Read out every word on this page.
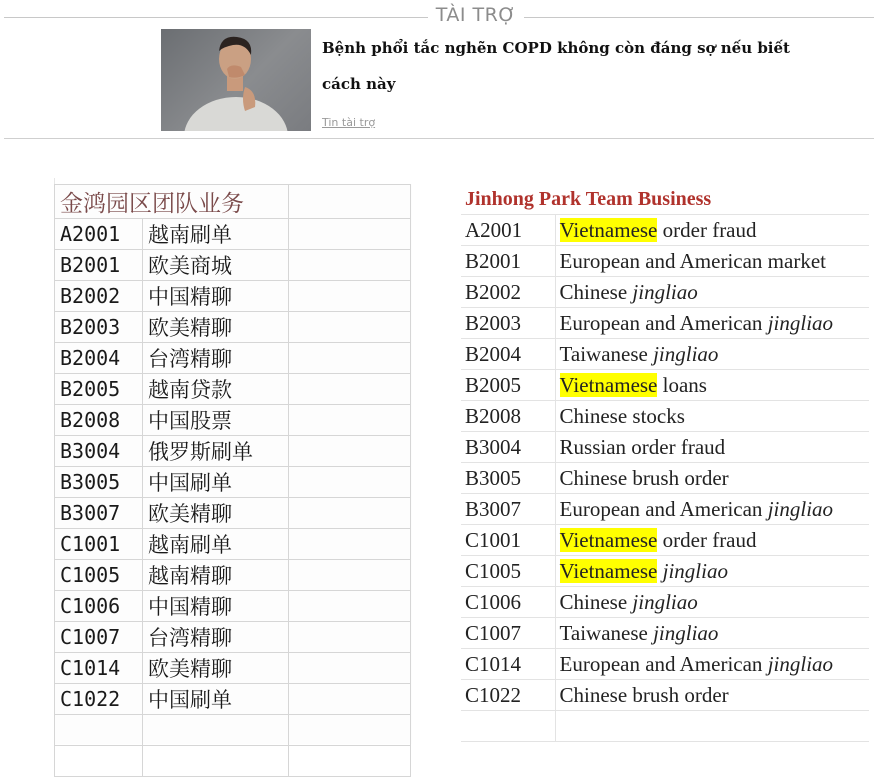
TÀI TRỢ
Bệnh phổi tắc nghẽn COPD không còn đáng sợ nếu biết cách này
Tin tài trợ
金鸿园区团队业务		
A2001	越南刷单	
B2001	欧美商城	
B2002	中国精聊	
B2003	欧美精聊	
B2004	台湾精聊	
B2005	越南贷款	
B2008	中国股票	
B3004	俄罗斯刷单	
B3005	中国刷单	
B3007	欧美精聊	
C1001	越南刷单	
C1005	越南精聊	
C1006	中国精聊	
C1007	台湾精聊	
C1014	欧美精聊	
C1022	中国刷单	

Jinhong Park Team Business	
A2001	Vietnamese order fraud
B2001	European and American market
B2002	Chinese jingliao
B2003	European and American jingliao
B2004	Taiwanese jingliao
B2005	Vietnamese loans
B2008	Chinese stocks
B3004	Russian order fraud
B3005	Chinese brush order
B3007	European and American jingliao
C1001	Vietnamese order fraud
C1005	Vietnamese jingliao
C1006	Chinese jingliao
C1007	Taiwanese jingliao
C1014	European and American jingliao
C1022	Chinese brush order
